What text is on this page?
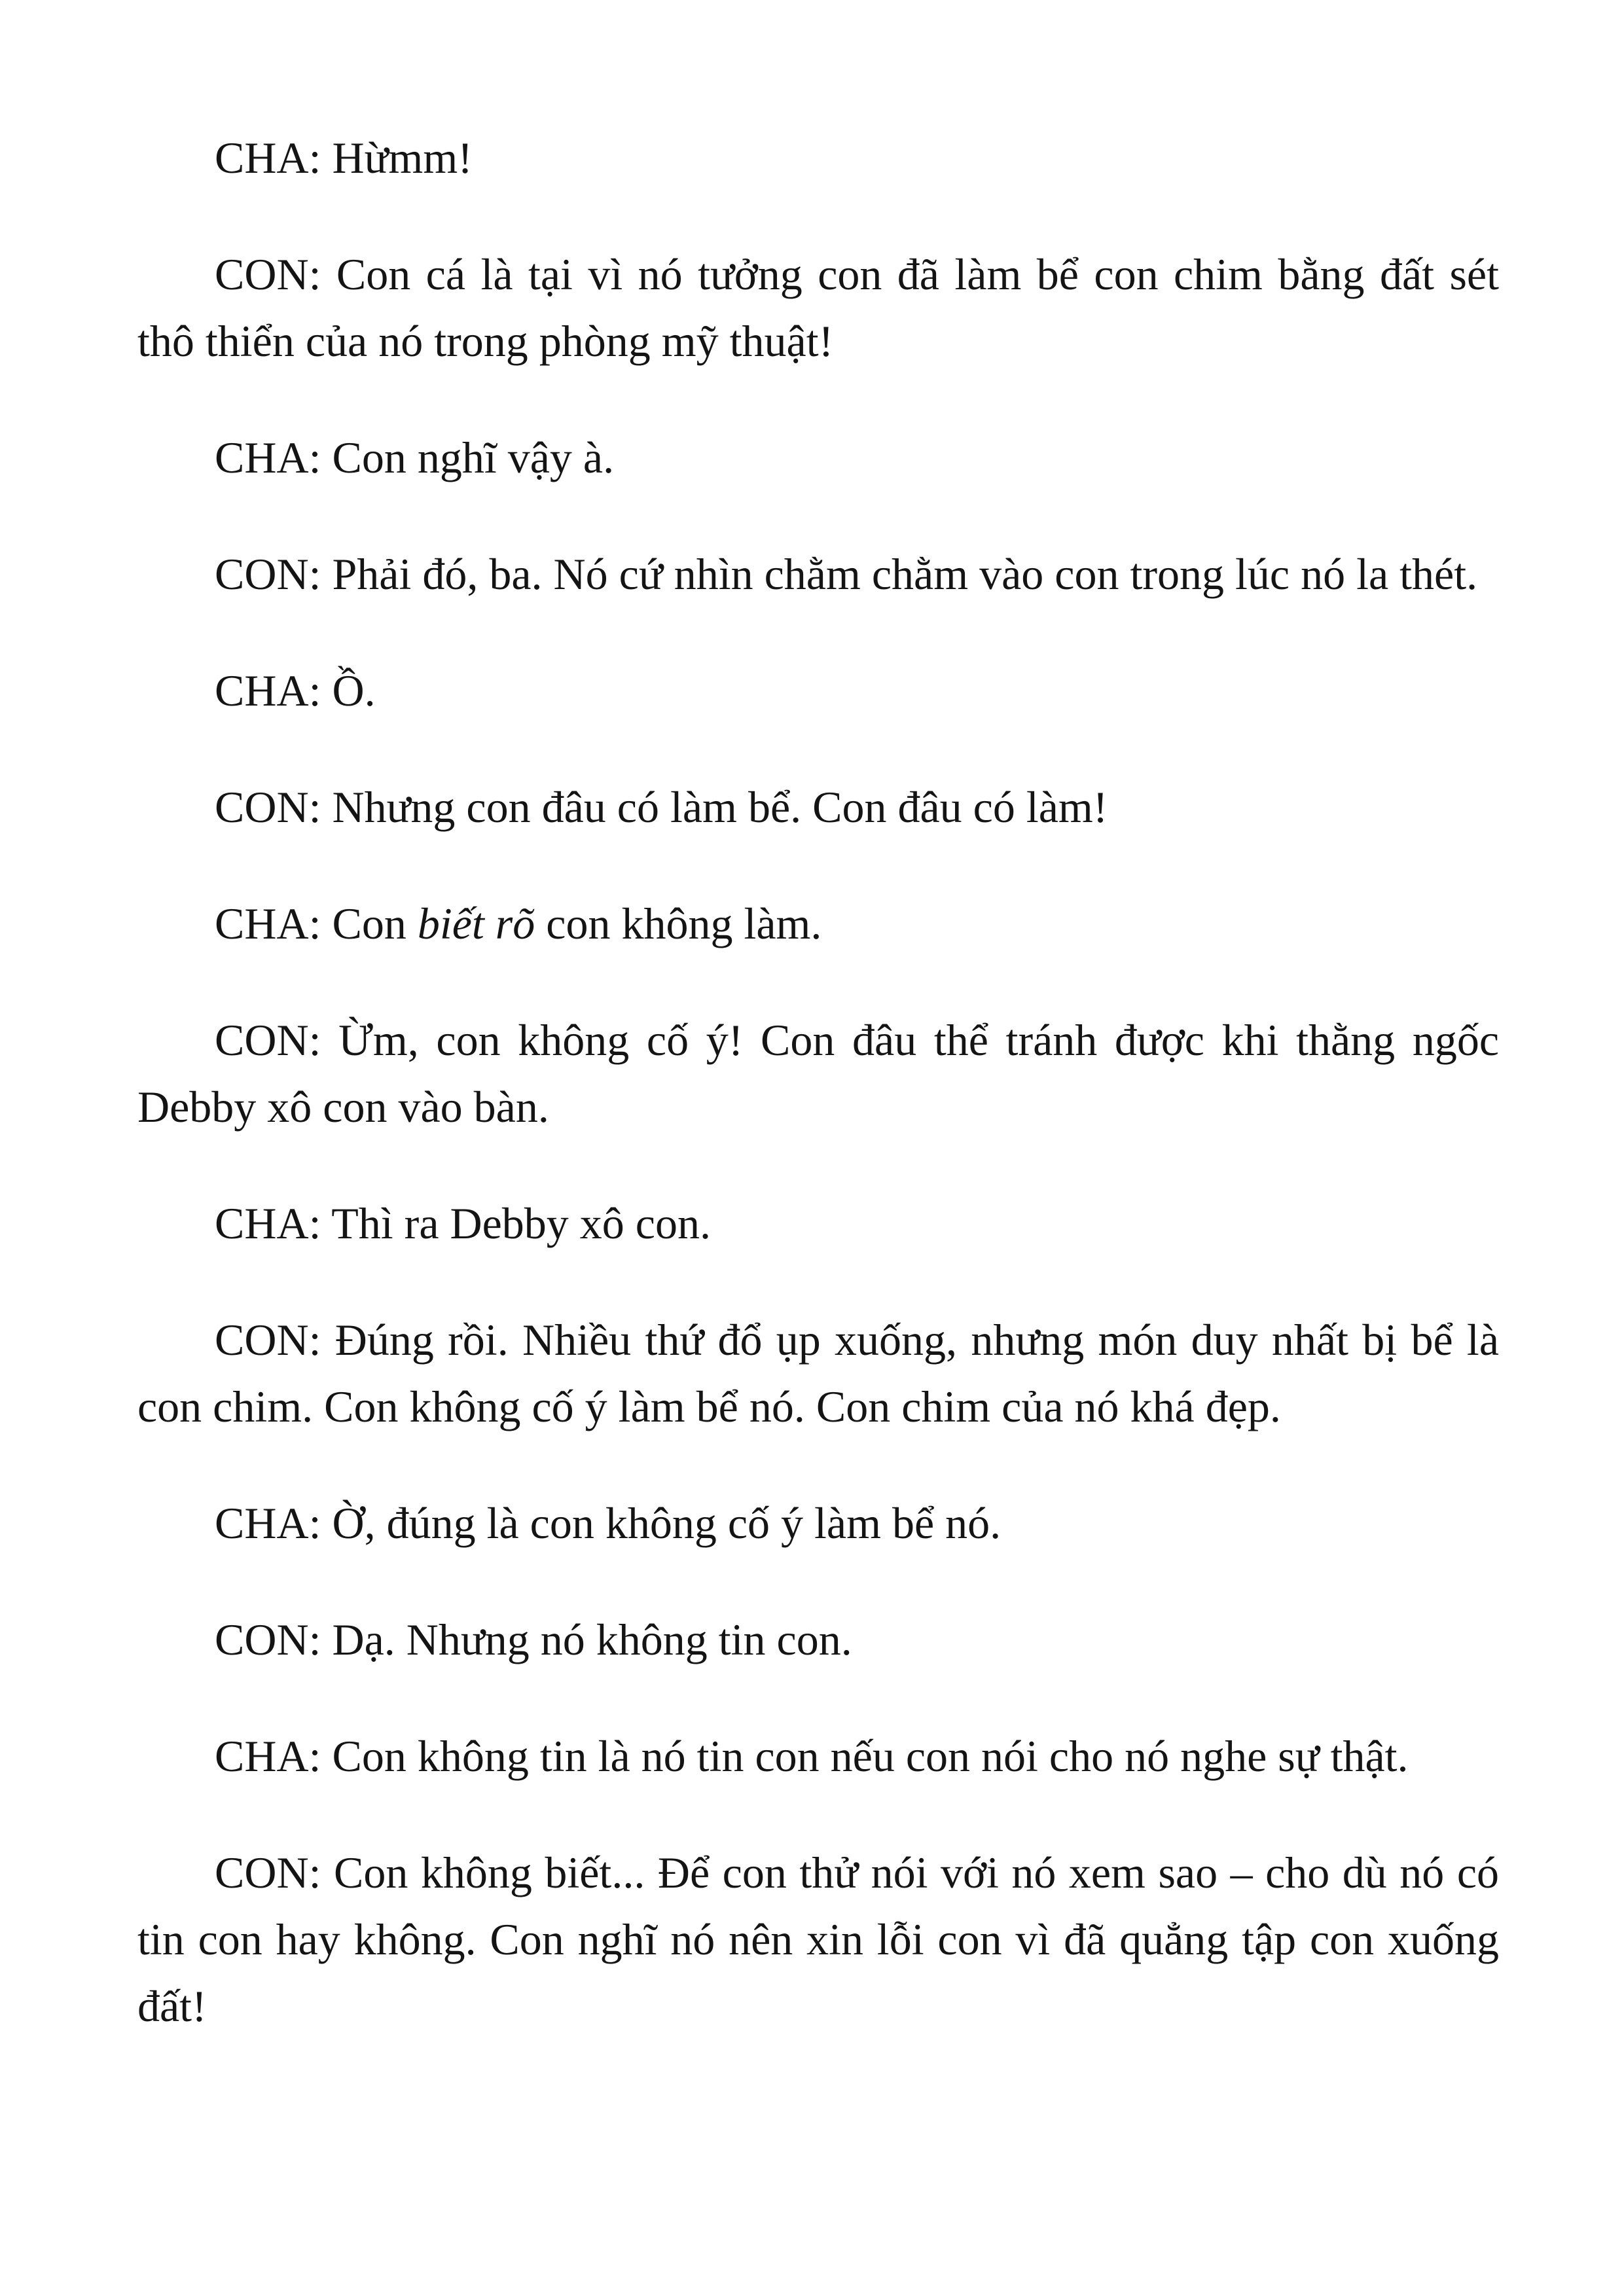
CHA: Hừmm!

CON: Con cá là tại vì nó tưởng con đã làm bể con chim bằng đất sét thô thiển của nó trong phòng mỹ thuật!

CHA: Con nghĩ vậy à.

CON: Phải đó, ba. Nó cứ nhìn chằm chằm vào con trong lúc nó la thét.

CHA: Ồ.

CON: Nhưng con đâu có làm bể. Con đâu có làm!

CHA: Con biết rõ con không làm.

CON: Ừm, con không cố ý! Con đâu thể tránh được khi thằng ngốc Debby xô con vào bàn.

CHA: Thì ra Debby xô con.

CON: Đúng rồi. Nhiều thứ đổ ụp xuống, nhưng món duy nhất bị bể là con chim. Con không cố ý làm bể nó. Con chim của nó khá đẹp.

CHA: Ờ, đúng là con không cố ý làm bể nó.

CON: Dạ. Nhưng nó không tin con.

CHA: Con không tin là nó tin con nếu con nói cho nó nghe sự thật.

CON: Con không biết... Để con thử nói với nó xem sao – cho dù nó có tin con hay không. Con nghĩ nó nên xin lỗi con vì đã quẳng tập con xuống đất!
